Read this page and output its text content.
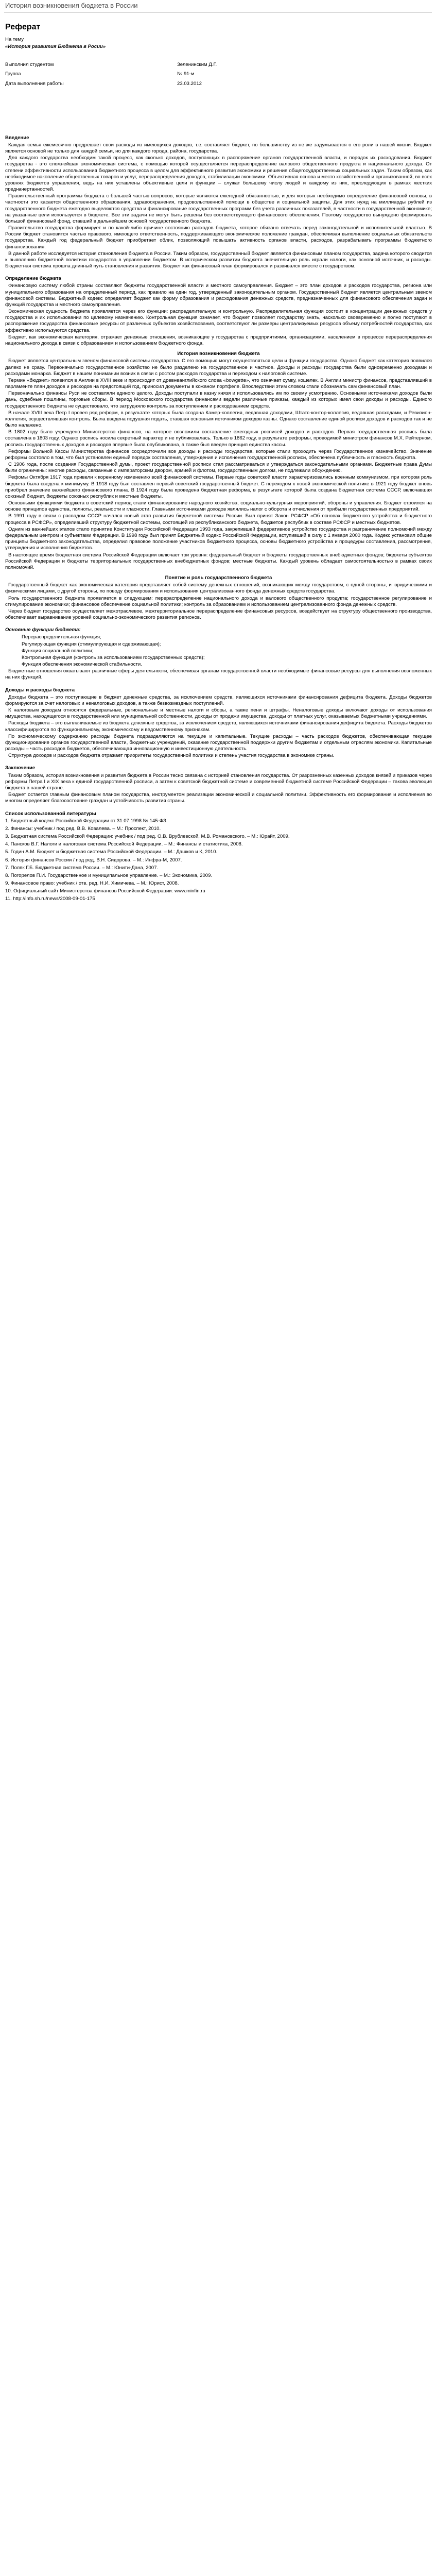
История возникновения бюджета в России
Реферат
На тему
«История развития Бюджета в Росии»
Выполнил студентом	Зеленинским Д.Г.
Группа	№ 91-м
Дата выполнения работы	23.03.2012
Введение

Каждая семья ежемесячно предрешает свои расходы из имеющихся доходов, т.е. составляет бюджет, по большинству из не же задумывается о его роли в нашей жизни. Бюджет является основой не только для каждой семьи, но для каждого города, района, государства.

Для каждого государства необходим такой процесс, как сколько доходов, поступающих в распоряжение органов государственной власти, и порядок их расходования. Бюджет государства - это сложнейшая экономическая система, с помощью которой осуществляется перераспределение валового общественного продукта и национального дохода. От степени эффективности использования бюджетного процесса в целом для эффективного развития экономики и решения общегосударственных социальных задач. Таким образом, как необходимое накопление общественных товаров и услуг, перераспределения доходов, стабилизации экономики. Объективная основа и место хозяйственной и организованной, во всех уровнях бюджетов управления, ведь на них уставлены объективные цели и функции – служат большему числу людей и каждому из них, преследующих в рамках жестких предначертанностей.

Правительственный программы бюджета с большей частью вопросов, которые являются ежегодной обязанностью, и для которых необходимо определение финансовой основы, в частности это касается общественного образования, здравоохранения, продовольственной помощи в обществе и социальной защиты. Для этих нужд на миллиарды рублей из государственного бюджета ежегодно выделяются средства и финансирование государственных программ без учета различных показателей, в частности в государственной экономике; на указанные цели используется в бюджете. Все эти задачи не могут быть решены без соответствующего финансового обеспечения. Поэтому государство вынуждено формировать большой финансовый фонд, ставший в дальнейшем основой государственного бюджета.

Правительство государства формирует и по какой-либо причине состоянию расходов бюджета, которое обязано отвечать перед законодательной и исполнительной властью. В России бюджет становится частью правового, имеющего ответственность, поддерживающего экономическое положение граждан, обеспечивая выполнение социальных обязательств государства. Каждый год федеральный бюджет приобретает облик, позволяющий повышать активность органов власти, расходов, разрабатывать программы бюджетного финансирования.

В данной работе исследуется история становления бюджета в России. Таким образом, государственный бюджет является финансовым планом государства, задача которого сводится к выявлению бюджетной политики государства в управлении бюджетом. В историческом развитии бюджета значительную роль играли налоги, как основной источник, и расходы. Бюджетная система прошла длинный путь становления и развития. Бюджет как финансовый план формировался и развивался вместе с государством.

Определение бюджета

Финансовую систему любой страны составляют бюджеты государственной власти и местного самоуправления. Бюджет – это план доходов и расходов государства, региона или муниципального образования на определенный период, как правило на один год, утвержденный законодательным органом. Государственный бюджет является центральным звеном финансовой системы. Бюджетный кодекс определяет бюджет как форму образования и расходования денежных средств, предназначенных для финансового обеспечения задач и функций государства и местного самоуправления.

Экономическая сущность бюджета проявляется через его функции: распределительную и контрольную. Распределительная функция состоит в концентрации денежных средств у государства и их использовании по целевому назначению. Контрольная функция означает, что бюджет позволяет государству знать, насколько своевременно и полно поступают в распоряжение государства финансовые ресурсы от различных субъектов хозяйствования, соответствуют ли размеры централизуемых ресурсов объему потребностей государства, как эффективно используются средства.

Бюджет, как экономическая категория, отражает денежные отношения, возникающие у государства с предприятиями, организациями, населением в процессе перераспределения национального дохода в связи с образованием и использованием бюджетного фонда.

История возникновения бюджета

Бюджет является центральным звеном финансовой системы государства. С его помощью могут осуществляться цели и функции государства. Однако бюджет как категория появился далеко не сразу. Первоначально государственное хозяйство не было разделено на государственное и частное. Доходы и расходы государства были одновременно доходами и расходами монарха. Бюджет в нашем понимании возник в связи с ростом расходов государства и переходом к налоговой системе.

Термин «бюджет» появился в Англии в XVIII веке и происходит от древнеанглийского слова «bowgette», что означает сумку, кошелек. В Англии министр финансов, представлявший в парламенте план доходов и расходов на предстоящий год, приносил документы в кожаном портфеле. Впоследствии этим словом стали обозначать сам финансовый план.

Первоначально финансы Руси не составляли единого целого. Доходы поступали в казну князя и использовались им по своему усмотрению. Основными источниками доходов были дань, судебные пошлины, торговые сборы. В период Московского государства финансами ведали различные приказы, каждый из которых имел свои доходы и расходы. Единого государственного бюджета не существовало, что затрудняло контроль за поступлением и расходованием средств.

В начале XVIII века Петр I провел ряд реформ, в результате которых была создана Камер-коллегия, ведавшая доходами, Штатс-контор-коллегия, ведавшая расходами, и Ревизион-коллегия, осуществлявшая контроль. Была введена подушная подать, ставшая основным источником доходов казны. Однако составление единой росписи доходов и расходов так и не было налажено.

В 1802 году было учреждено Министерство финансов, на которое возложили составление ежегодных росписей доходов и расходов. Первая государственная роспись была составлена в 1803 году. Однако роспись носила секретный характер и не публиковалась. Только в 1862 году, в результате реформы, проводимой министром финансов М.Х. Рейтерном, роспись государственных доходов и расходов впервые была опубликована, а также был введен принцип единства кассы.

Реформы Вольной Кассы Министерства финансов сосредоточили все доходы и расходы государства, которые стали проходить через Государственное казначейство. Значение реформы состояло в том, что был установлен единый порядок составления, утверждения и исполнения государственной росписи, обеспечена публичность и гласность бюджета.

С 1906 года, после создания Государственной думы, проект государственной росписи стал рассматриваться и утверждаться законодательными органами. Бюджетные права Думы были ограничены: многие расходы, связанные с императорским двором, армией и флотом, государственным долгом, не подлежали обсуждению.

Рефомы Октября 1917 года привели к коренному изменению всей финансовой системы. Первые годы советской власти характеризовались военным коммунизмом, при котором роль бюджета была сведена к минимуму. В 1918 году был составлен первый советский государственный бюджет. С переходом к новой экономической политике в 1921 году бюджет вновь приобрел значение важнейшего финансового плана. В 1924 году была проведена бюджетная реформа, в результате которой была создана бюджетная система СССР, включавшая союзный бюджет, бюджеты союзных республик и местные бюджеты.

Основными функциями бюджета в советский период стали финансирование народного хозяйства, социально-культурных мероприятий, обороны и управления. Бюджет строился на основе принципов единства, полноты, реальности и гласности. Главными источниками доходов являлись налог с оборота и отчисления от прибыли государственных предприятий.

В 1991 году в связи с распадом СССР начался новый этап развития бюджетной системы России. Был принят Закон РСФСР «Об основах бюджетного устройства и бюджетного процесса в РСФСР», определивший структуру бюджетной системы, состоящей из республиканского бюджета, бюджетов республик в составе РСФСР и местных бюджетов.

Одним из важнейших этапов стало принятие Конституции Российской Федерации 1993 года, закрепившей федеративное устройство государства и разграничение полномочий между федеральным центром и субъектами Федерации. В 1998 году был принят Бюджетный кодекс Российской Федерации, вступивший в силу с 1 января 2000 года. Кодекс установил общие принципы бюджетного законодательства, определил правовое положение участников бюджетного процесса, основы бюджетного устройства и процедуры составления, рассмотрения, утверждения и исполнения бюджетов.

В настоящее время бюджетная система Российской Федерации включает три уровня: федеральный бюджет и бюджеты государственных внебюджетных фондов; бюджеты субъектов Российской Федерации и бюджеты территориальных государственных внебюджетных фондов; местные бюджеты. Каждый уровень обладает самостоятельностью в рамках своих полномочий.

Понятие и роль государственного бюджета

Государственный бюджет как экономическая категория представляет собой систему денежных отношений, возникающих между государством, с одной стороны, и юридическими и физическими лицами, с другой стороны, по поводу формирования и использования централизованного фонда денежных средств государства.

Роль государственного бюджета проявляется в следующем: перераспределение национального дохода и валового общественного продукта; государственное регулирование и стимулирование экономики; финансовое обеспечение социальной политики; контроль за образованием и использованием централизованного фонда денежных средств.

Через бюджет государство осуществляет межотраслевое, межтерриториальное перераспределение финансовых ресурсов, воздействует на структуру общественного производства, обеспечивает выравнивание уровней социально-экономического развития регионов.

Основные функции бюджета:
Перераспределительная функция;
Регулирующая функция (стимулирующая и сдерживающая);
Функция социальной политики;
Контрольная функция (контроль за использованием государственных средств);
Функция обеспечения экономической стабильности.

Бюджетные отношения охватывают различные сферы деятельности, обеспечивая органам государственной власти необходимые финансовые ресурсы для выполнения возложенных на них функций.

Доходы и расходы бюджета

Доходы бюджета – это поступающие в бюджет денежные средства, за исключением средств, являющихся источниками финансирования дефицита бюджета. Доходы бюджетов формируются за счет налоговых и неналоговых доходов, а также безвозмездных поступлений.

К налоговым доходам относятся федеральные, региональные и местные налоги и сборы, а также пени и штрафы. Неналоговые доходы включают доходы от использования имущества, находящегося в государственной или муниципальной собственности, доходы от продажи имущества, доходы от платных услуг, оказываемых бюджетными учреждениями.

Расходы бюджета – это выплачиваемые из бюджета денежные средства, за исключением средств, являющихся источниками финансирования дефицита бюджета. Расходы бюджетов классифицируются по функциональному, экономическому и ведомственному признакам.

По экономическому содержанию расходы бюджета подразделяются на текущие и капитальные. Текущие расходы – часть расходов бюджетов, обеспечивающая текущее функционирование органов государственной власти, бюджетных учреждений, оказание государственной поддержки другим бюджетам и отдельным отраслям экономики. Капитальные расходы – часть расходов бюджетов, обеспечивающая инновационную и инвестиционную деятельность.

Структура доходов и расходов бюджета отражает приоритеты государственной политики и степень участия государства в экономике страны.

Заключение

Таким образом, история возникновения и развития бюджета в России тесно связана с историей становления государства. От разрозненных казенных доходов князей и приказов через реформы Петра I и XIX века к единой государственной росписи, а затем к советской бюджетной системе и современной бюджетной системе Российской Федерации – такова эволюция бюджета в нашей стране.

Бюджет остается главным финансовым планом государства, инструментом реализации экономической и социальной политики. Эффективность его формирования и исполнения во многом определяет благосостояние граждан и устойчивость развития страны.

Список использованной литературы
1. Бюджетный кодекс Российской Федерации от 31.07.1998 № 145-ФЗ.
2. Финансы: учебник / под ред. В.В. Ковалева. – М.: Проспект, 2010.
3. Бюджетная система Российской Федерации: учебник / под ред. О.В. Врублевской, М.В. Романовского. – М.: Юрайт, 2009.
4. Пансков В.Г. Налоги и налоговая система Российской Федерации. – М.: Финансы и статистика, 2008.
5. Годин А.М. Бюджет и бюджетная система Российской Федерации. – М.: Дашков и К, 2010.
6. История финансов России / под ред. В.Н. Сидорова. – М.: Инфра-М, 2007.
7. Поляк Г.Б. Бюджетная система России. – М.: Юнити-Дана, 2007.
8. Погорелов П.И. Государственное и муниципальное управление. – М.: Экономика, 2009.
9. Финансовое право: учебник / отв. ред. Н.И. Химичева. – М.: Юрист, 2008.
10. Официальный сайт Министерства финансов Российской Федерации: www.minfin.ru
11. http://info.sh.ru/news/2008-09-01-175
